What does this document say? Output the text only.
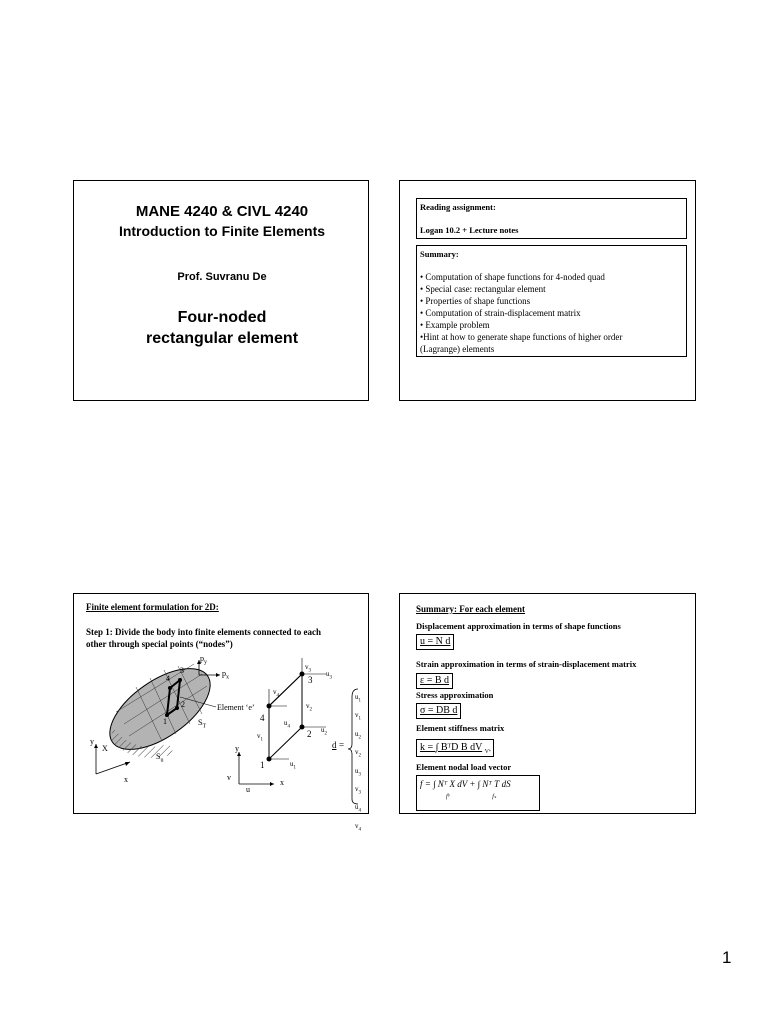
MANE 4240 & CIVL 4240
Introduction to Finite Elements
Prof. Suvranu De
Four-noded
rectangular element
Reading assignment:
Logan 10.2 + Lecture notes
Summary:
• Computation of shape functions for 4-noded quad
• Special case: rectangular element
• Properties of shape functions
• Computation of strain-displacement matrix
• Example problem
•Hint at how to generate shape functions of higher order
(Lagrange) elements
Finite element formulation for 2D:
Step 1: Divide the body into finite elements connected to each
other through special points (“nodes”)
$p_y$
$p_x$
3
4
2
1
Element ‘e’
$S_T$
$S_u$
y
X
x
3
4
2
1
$v_3$ $u_3$
$v_4$
$u_4$
$v_2$
$u_2$
$v_1$
$u_1$
y
v
x
u
d =
$u_1$
$v_1$
$u_2$
$v_2$
$u_3$
$v_3$
$u_4$
$v_4$
Summary: For each element
Displacement approximation in terms of shape functions
u = N d
Strain approximation in terms of strain-displacement matrix
ε = B d
Stress approximation
σ = DB d
Element stiffness matrix
k = ∫ BᵀD B dV $_{Vᵉ}$
Element nodal load vector
f = ∫ Nᵀ X dV + ∫ Nᵀ T dS
fᵇ	fₛ
1
